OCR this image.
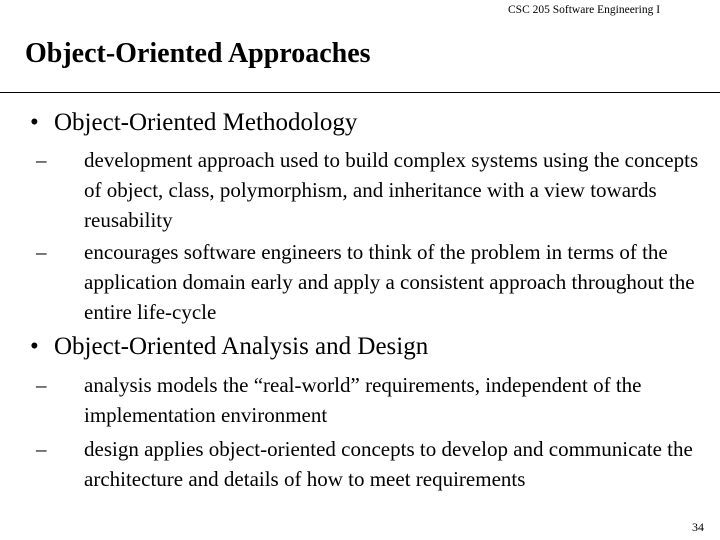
CSC 205 Software Engineering I
Object-Oriented Approaches
• Object-Oriented Methodology
–	development approach used to build complex systems using the concepts of object, class, polymorphism, and inheritance with a view towards reusability
–	encourages software engineers to think of the problem in terms of the application domain early and apply a consistent approach throughout the entire life-cycle
• Object-Oriented Analysis and Design
–	analysis models the “real-world” requirements, independent of the implementation environment
–	design applies object-oriented concepts to develop and communicate the architecture and details of how to meet requirements
34
